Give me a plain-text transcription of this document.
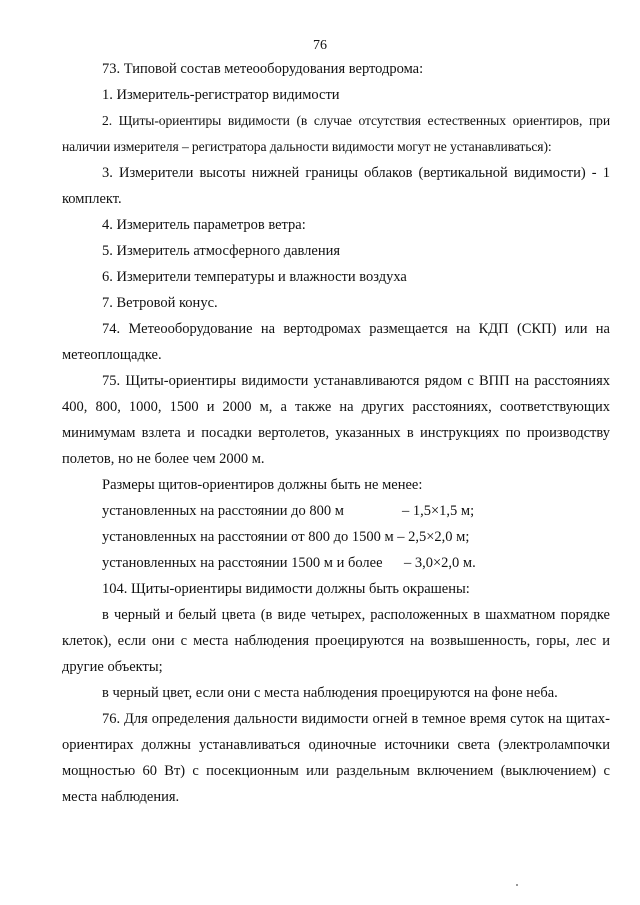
76

73. Типовой состав метеооборудования вертодрома:

1. Измеритель-регистратор видимости

2. Щиты-ориентиры видимости (в случае отсутствия естественных ориентиров, при наличии измерителя – регистратора дальности видимости могут не устанавливаться):

3. Измерители высоты нижней границы облаков (вертикальной видимости) - 1 комплект.

4. Измеритель параметров ветра:

5. Измеритель атмосферного давления

6. Измерители температуры и влажности воздуха

7. Ветровой конус.

74. Метеооборудование на вертодромах размещается на КДП (СКП) или на метеоплощадке.

75. Щиты-ориентиры видимости устанавливаются рядом с ВПП на расстояниях 400, 800, 1000, 1500 и 2000 м, а также на других расстояниях, соответствующих минимумам взлета и посадки вертолетов, указанных в инструкциях по производству полетов, но не более чем 2000 м.

Размеры щитов-ориентиров должны быть не менее:

установленных на расстоянии до 800 м	– 1,5×1,5 м;

установленных на расстоянии от 800 до 1500 м – 2,5×2,0 м;

установленных на расстоянии 1500 м и более – 3,0×2,0 м.

104. Щиты-ориентиры видимости должны быть окрашены:

в черный и белый цвета (в виде четырех, расположенных в шахматном порядке клеток), если они с места наблюдения проецируются на возвышенность, горы, лес и другие объекты;

в черный цвет, если они с места наблюдения проецируются на фоне неба.

76. Для определения дальности видимости огней в темное время суток на щитах-ориентирах должны устанавливаться одиночные источники света (электролампочки мощностью 60 Вт) с посекционным или раздельным включением (выключением) с места наблюдения.
